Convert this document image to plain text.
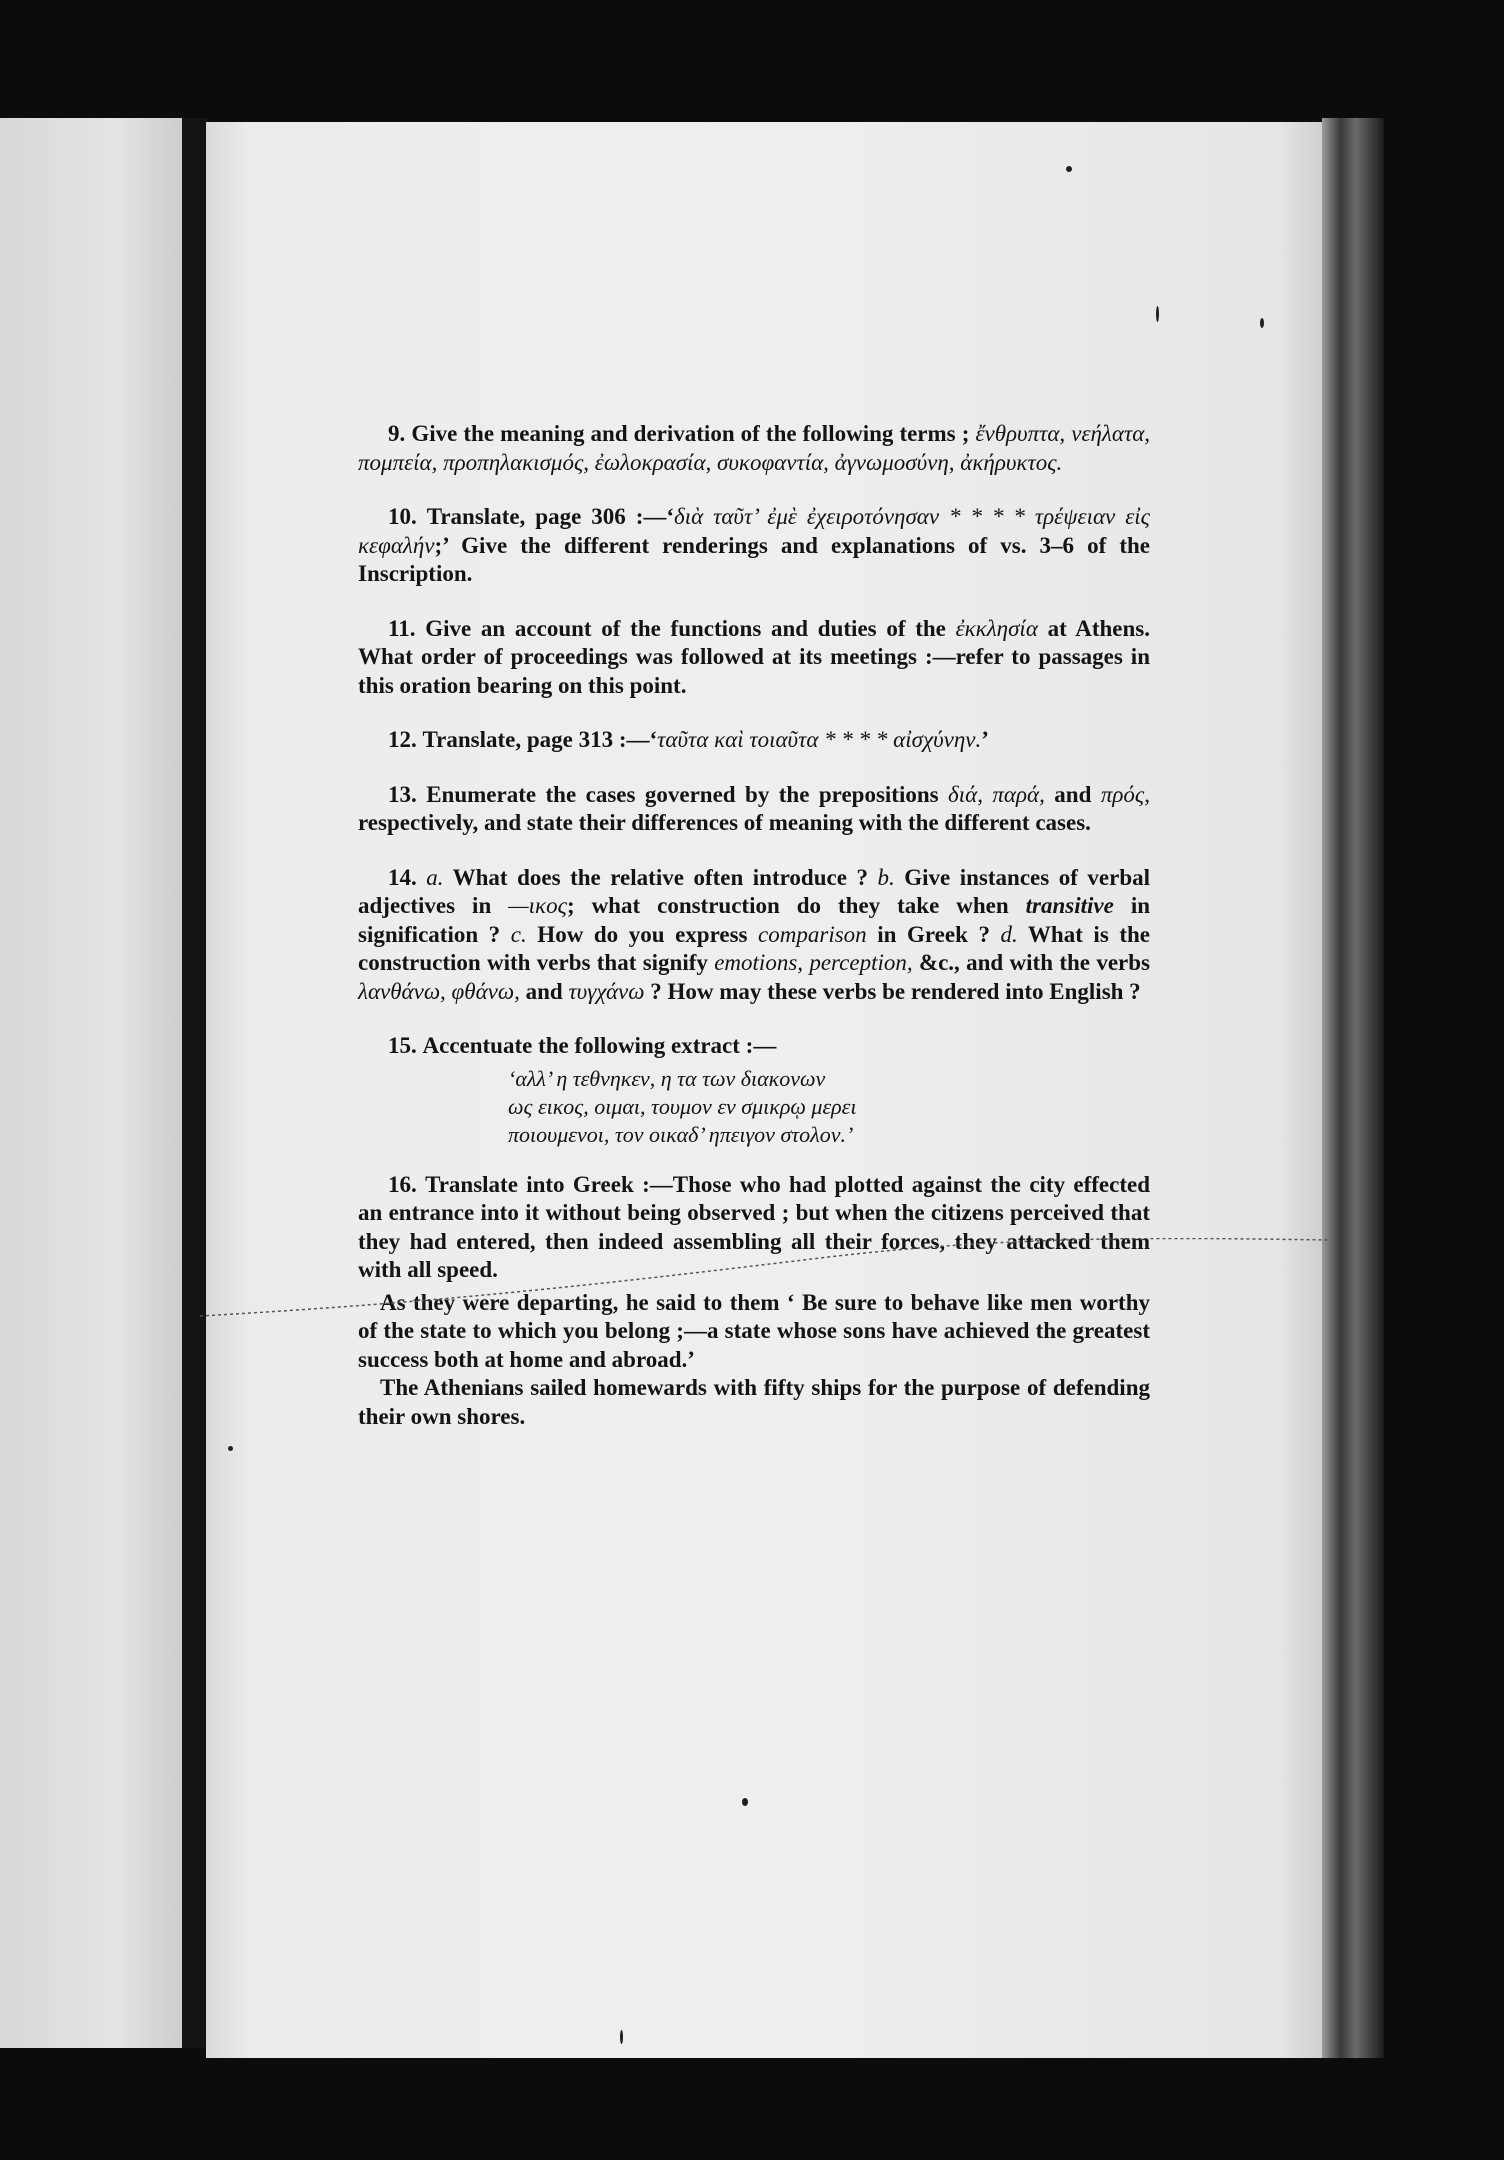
9. Give the meaning and derivation of the following terms ; ἔνθρυπτα, νεήλατα, πομπεία, προπηλακισμός, ἐωλοκρασία, συκοφαντία, ἀγνωμοσύνη, ἀκήρυκτος.

10. Translate, page 306 :—‘διὰ ταῦτ’ ἐμὲ ἐχειροτόνησαν * * * * τρέψειαν εἰς κεφαλήν;’ Give the different renderings and explanations of vs. 3–6 of the Inscription.

11. Give an account of the functions and duties of the ἐκκλησία at Athens. What order of proceedings was followed at its meetings :—refer to passages in this oration bearing on this point.

12. Translate, page 313 :—‘ταῦτα καὶ τοιαῦτα * * * * αἰσχύνην.’

13. Enumerate the cases governed by the prepositions διά, παρά, and πρός, respectively, and state their differences of meaning with the different cases.

14. a. What does the relative often introduce ? b. Give instances of verbal adjectives in —ικος; what construction do they take when transitive in signification ? c. How do you express comparison in Greek ? d. What is the construction with verbs that signify emotions, perception, &c., and with the verbs λανθάνω, φθάνω, and τυγχάνω ? How may these verbs be rendered into English ?

15. Accentuate the following extract :—

‘αλλ’ η τεθνηκεν, η τα των διακονων
ως εικος, οιμαι, τουμον εν σμικρῳ μερει
ποιουμενοι, τον οικαδ’ ηπειγον στολον.’

16. Translate into Greek :—Those who had plotted against the city effected an entrance into it without being observed ; but when the citizens perceived that they had entered, then indeed assembling all their forces, they attacked them with all speed.

As they were departing, he said to them ‘ Be sure to behave like men worthy of the state to which you belong ;—a state whose sons have achieved the greatest success both at home and abroad.’

The Athenians sailed homewards with fifty ships for the purpose of defending their own shores.
